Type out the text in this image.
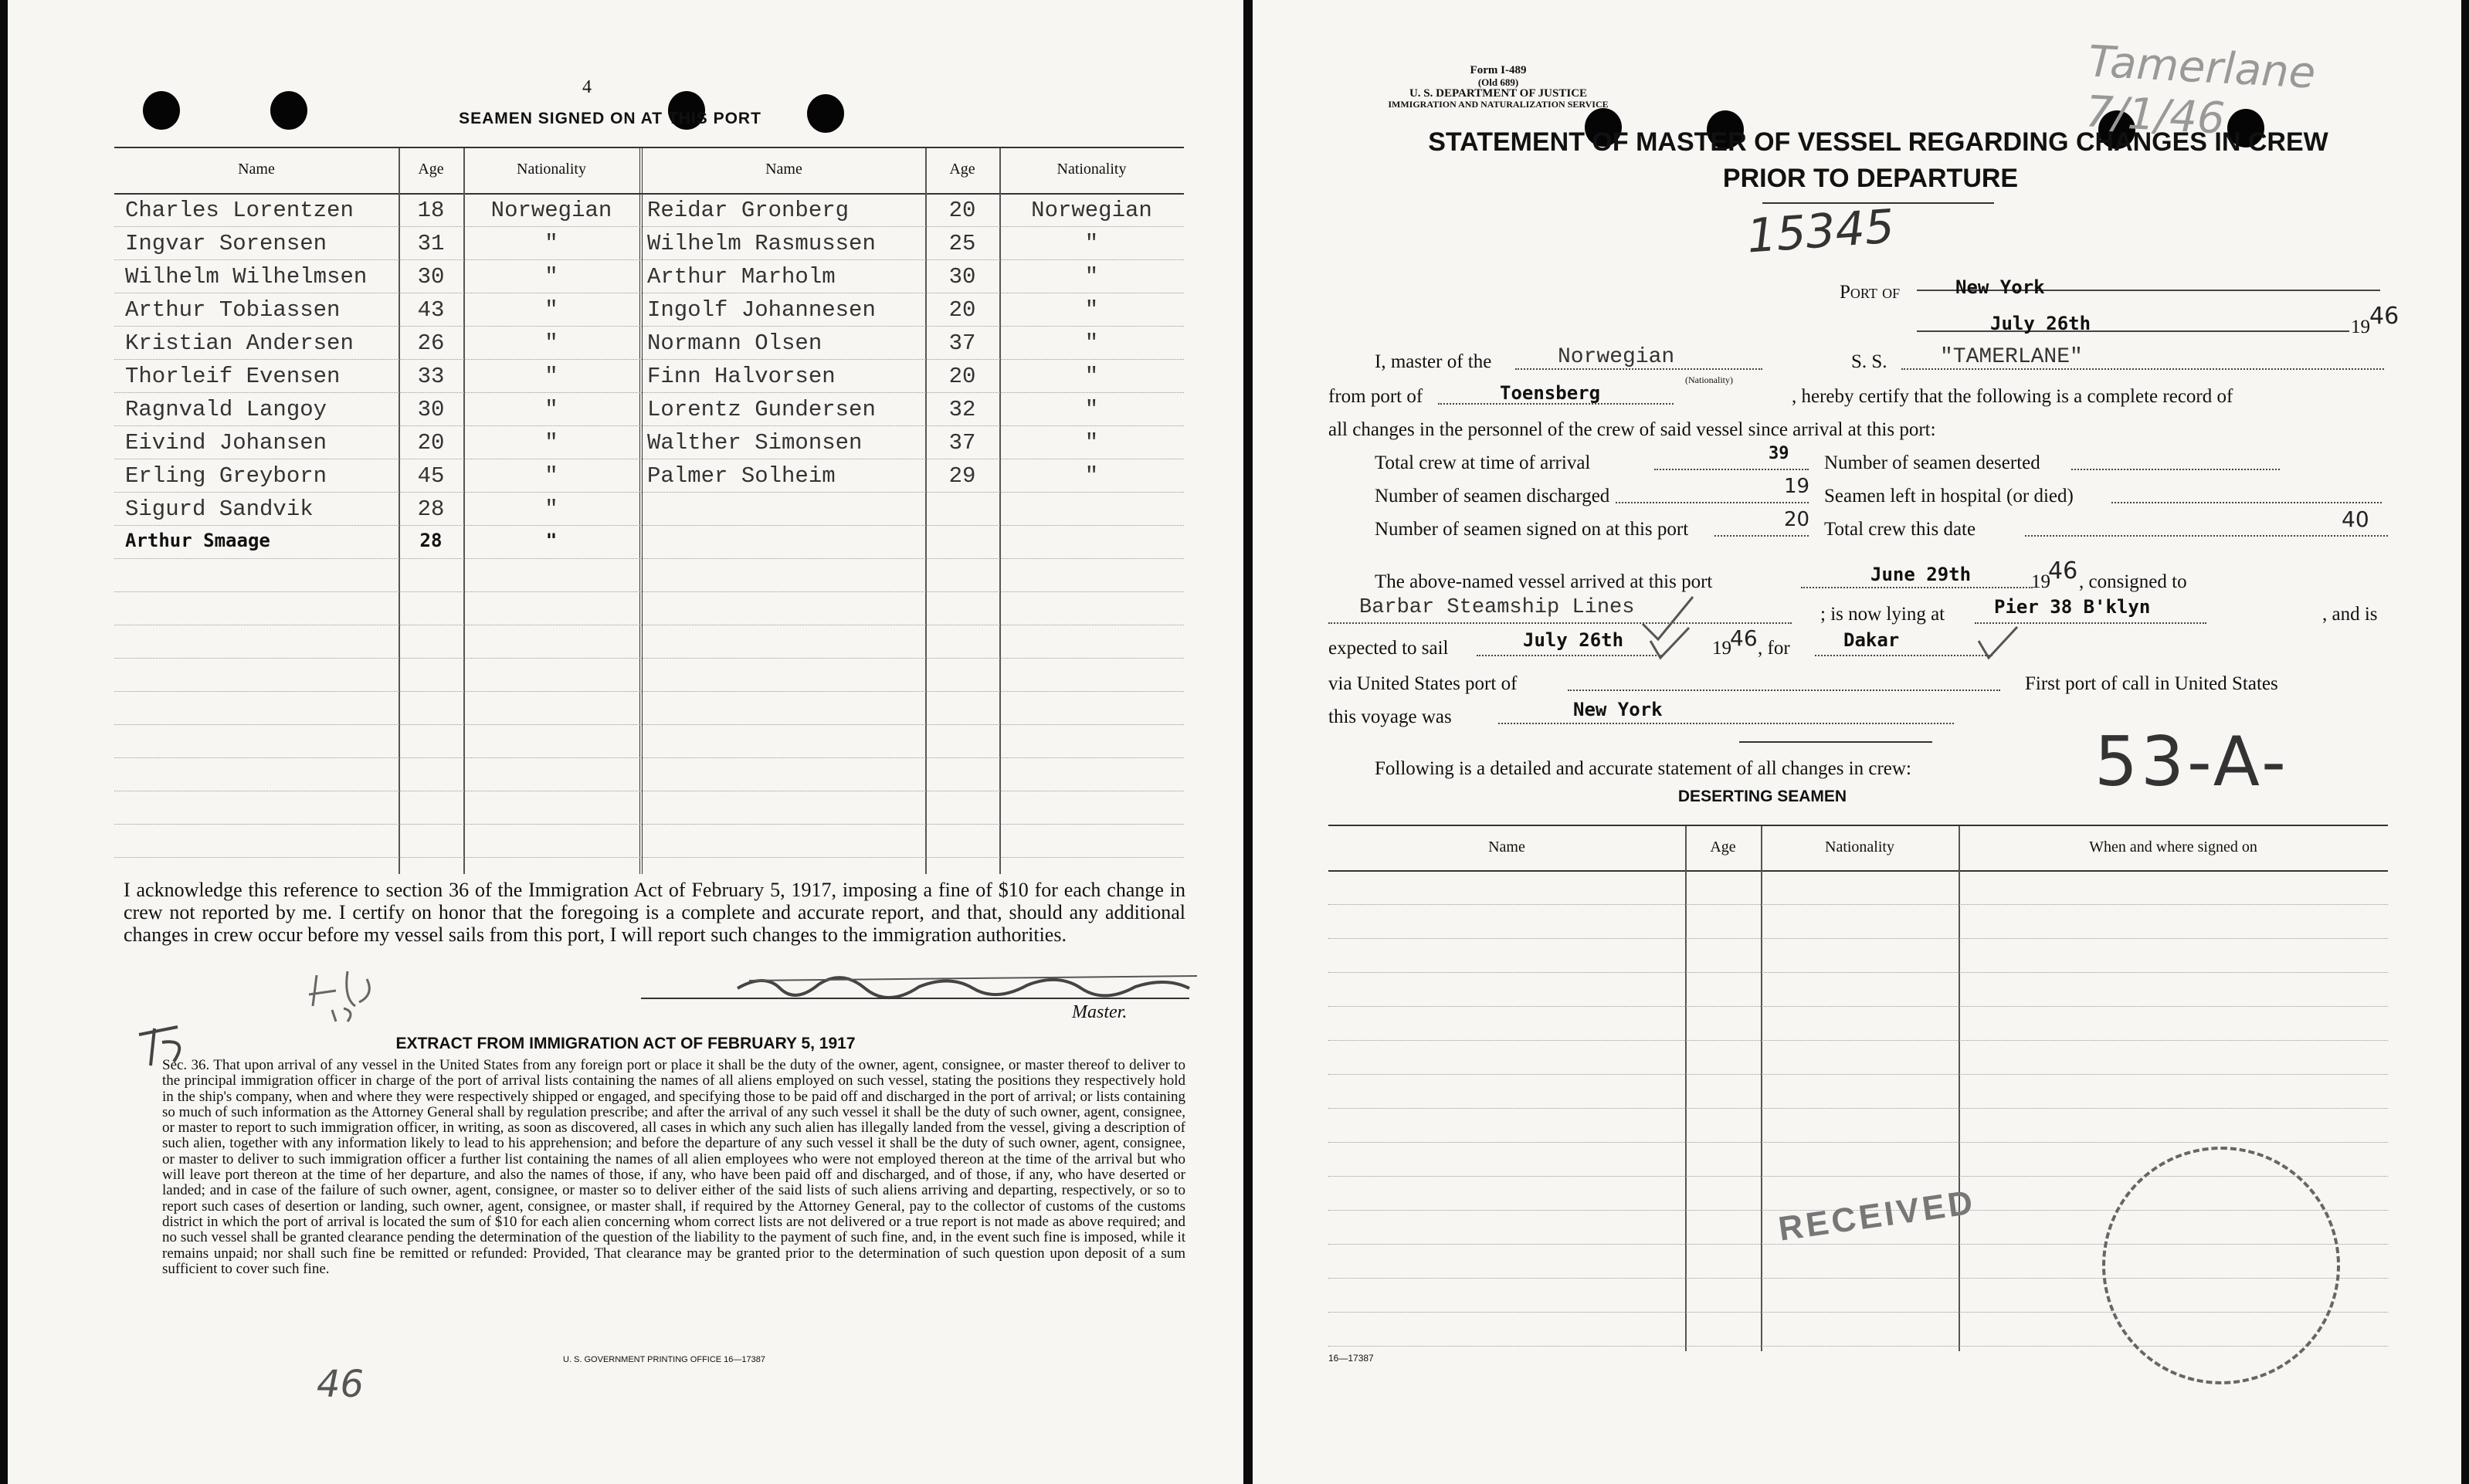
4
SEAMEN SIGNED ON AT THIS PORT
Name	Age	Nationality	Name	Age	Nationality
Charles Lorentzen	18	Norwegian
Ingvar Sorensen	31	"
Wilhelm Wilhelmsen	30	"
Arthur Tobiassen	43	"
Kristian Andersen	26	"
Thorleif Evensen	33	"
Ragnvald Langoy	30	"
Eivind Johansen	20	"
Erling Greyborn	45	"
Sigurd Sandvik	28	"
Arthur Smaage	28	"
Reidar Gronberg	20	Norwegian
Wilhelm Rasmussen	25	"
Arthur Marholm	30	"
Ingolf Johannesen	20	"
Normann Olsen	37	"
Finn Halvorsen	20	"
Lorentz Gundersen	32	"
Walther Simonsen	37	"
Palmer Solheim	29	"
I acknowledge this reference to section 36 of the Immigration Act of February 5, 1917, imposing a fine of $10 for each change in crew not reported by me. I certify on honor that the foregoing is a complete and accurate report, and that, should any additional changes in crew occur before my vessel sails from this port, I will report such changes to the immigration authorities.
Master.
EXTRACT FROM IMMIGRATION ACT OF FEBRUARY 5, 1917
Sec. 36. That upon arrival of any vessel in the United States from any foreign port or place it shall be the duty of the owner, agent, consignee, or master thereof to deliver to the principal immigration officer in charge of the port of arrival lists containing the names of all aliens employed on such vessel, stating the positions they respectively hold in the ship's company, when and where they were respectively shipped or engaged, and specifying those to be paid off and discharged in the port of arrival; or lists containing so much of such information as the Attorney General shall by regulation prescribe; and after the arrival of any such vessel it shall be the duty of such owner, agent, consignee, or master to report to such immigration officer, in writing, as soon as discovered, all cases in which any such alien has illegally landed from the vessel, giving a description of such alien, together with any information likely to lead to his apprehension; and before the departure of any such vessel it shall be the duty of such owner, agent, consignee, or master to deliver to such immigration officer a further list containing the names of all alien employees who were not employed thereon at the time of the arrival but who will leave port thereon at the time of her departure, and also the names of those, if any, who have been paid off and discharged, and of those, if any, who have deserted or landed; and in case of the failure of such owner, agent, consignee, or master so to deliver either of the said lists of such aliens arriving and departing, respectively, or so to report such cases of desertion or landing, such owner, agent, consignee, or master shall, if required by the Attorney General, pay to the collector of customs of the customs district in which the port of arrival is located the sum of $10 for each alien concerning whom correct lists are not delivered or a true report is not made as above required; and no such vessel shall be granted clearance pending the determination of the question of the liability to the payment of such fine, and, in the event such fine is imposed, while it remains unpaid; nor shall such fine be remitted or refunded: Provided, That clearance may be granted prior to the determination of such question upon deposit of a sum sufficient to cover such fine.
U. S. GOVERNMENT PRINTING OFFICE 16—17387
46
Form I-489
(Old 689)
U. S. DEPARTMENT OF JUSTICE
IMMIGRATION AND NATURALIZATION SERVICE
Tamerlane 7/1/46
STATEMENT OF MASTER OF VESSEL REGARDING CHANGES IN CREW
PRIOR TO DEPARTURE
15345
Port of	New York
July 26th	19 46
I, master of the	Norwegian
(Nationality)
S. S. "TAMERLANE"
from port of	Toensberg	, hereby certify that the following is a complete record of
all changes in the personnel of the crew of said vessel since arrival at this port:
Total crew at time of arrival	39 Number of seamen deserted
Number of seamen discharged	19 Seamen left in hospital (or died)
Number of seamen signed on at this port	20 Total crew this date	40
The above-named vessel arrived at this port	June 29th	19
46 , consigned to
Barbar Steamship Lines	; is now lying at	Pier 38 B'klyn	, and is
expected to sail	July 26th	19
46 , for	Dakar
via United States port of	First port of call in United States
this voyage was	New York
Following is a detailed and accurate statement of all changes in crew:	53-A-
DESERTING SEAMEN
Name	Age	Nationality	When and where signed on
RECEIVED
16—17387
